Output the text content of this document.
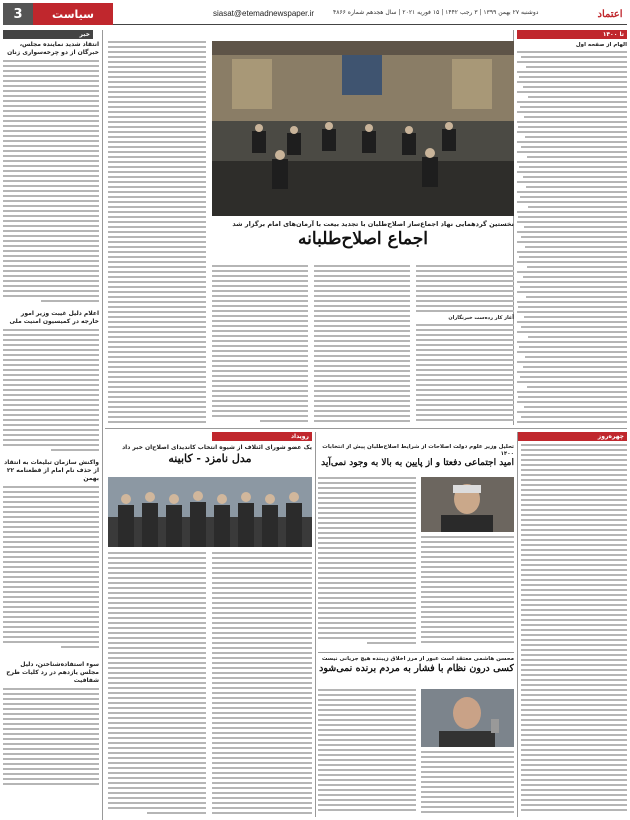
اعتماد
دوشنبه ۲۷ بهمن ۱۳۹۹ | ۳ رجب ۱۴۴۲ | ۱۵ فوریه ۲۰۲۱ | سال هجدهم شماره ۴۸۶۶
siasat@etemadnewspaper.ir
سیاست
3
تا ۱۴۰۰
خبر
الهام‌ از صفحه اول
نخستین گردهمایی نهاد اجماع‌ساز اصلاح‌طلبان با تجدید بیعت با آرمان‌های امام برگزار شد
اجماع اصلاح‌طلبانه
آغاز کار رده‌ست خبرنگاران
انتقاد شدید نماینده مجلس، خبرگان از دو چرخه‌سواری زنان
اعلام دلیل غیبت وزیر امور خارجه در کمیسیون امنیت ملی
واکنش سازمان تبلیغات به انتقاد از حذف نام امام از قطعنامه ۲۲ بهمن
سوء استفاده‌شناختن، دلیل مجلس یازدهم در رد کلیات طرح شفافیت
چهره‌روز
رویداد
یک عضو شورای ائتلاف از شیوه انتخاب کاندیدای اصلاح‌ان خبر داد
مدل نامزد - کابینه
تحلیل وزیر علوم دولت اصلاحات از شرایط اصلاح‌طلبان پیش از انتخابات ۱۴۰۰
امید اجتماعی دفعتا و از پایین به بالا به وجود نمی‌آید
محسن هاشمی معتقد است عبور از مرز اخلاق زیبنده هیچ جریانی نیست
کسی درون نظام با فشار به مردم برنده نمی‌شود
